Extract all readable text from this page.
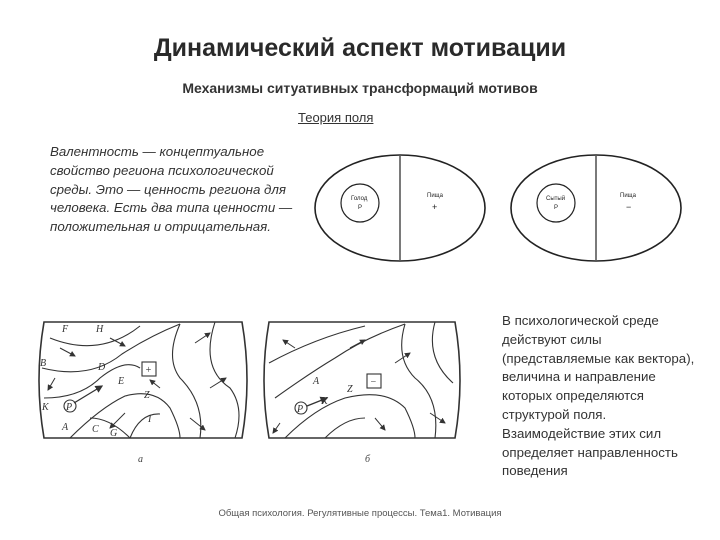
Динамический аспект мотивации
Механизмы ситуативных трансформаций мотивов
Теория поля
Валентность — концептуальное свойство региона психологической среды. Это — ценность региона для человека. Есть два типа ценности — положительная и отрицательная.
В психологической среде действуют силы (представляемые как вектора), величина и направление которых определяются структурой поля. Взаимодействие этих сил определяет направленность поведения
Общая психология. Регулятивные процессы. Тема1. Мотивация
Голод
P
Пища
+
Сытый
P
Пища
−
+
P
F	H
B	D
E
Z
K
A C G
I
a
−
P
A
Z
K
б
